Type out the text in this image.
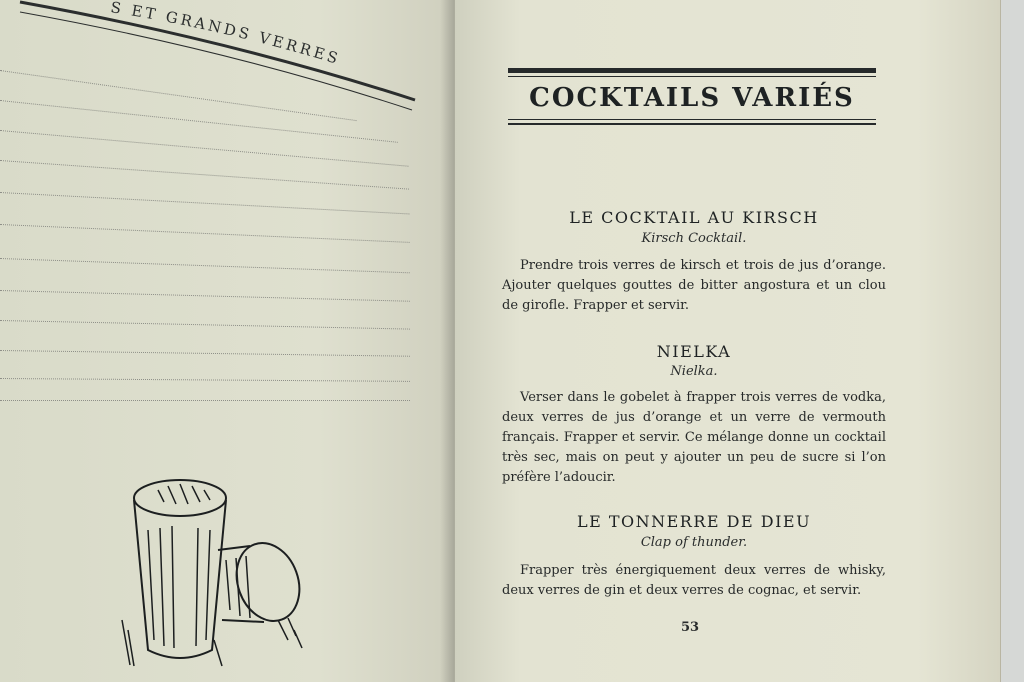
S ET GRANDS VERRES
COCKTAILS VARIÉS
LE COCKTAIL AU KIRSCH
Kirsch Cocktail.
Prendre trois verres de kirsch et trois de jus d’orange. Ajouter quelques gouttes de bitter angostura et un clou de girofle. Frapper et servir.
NIELKA
Nielka.
Verser dans le gobelet à frapper trois verres de vodka, deux verres de jus d’orange et un verre de vermouth français. Frapper et servir. Ce mélange donne un cocktail très sec, mais on peut y ajouter un peu de sucre si l’on préfère l’adoucir.
LE TONNERRE DE DIEU
Clap of thunder.
Frapper très énergiquement deux verres de whisky, deux verres de gin et deux verres de cognac, et servir.
53
